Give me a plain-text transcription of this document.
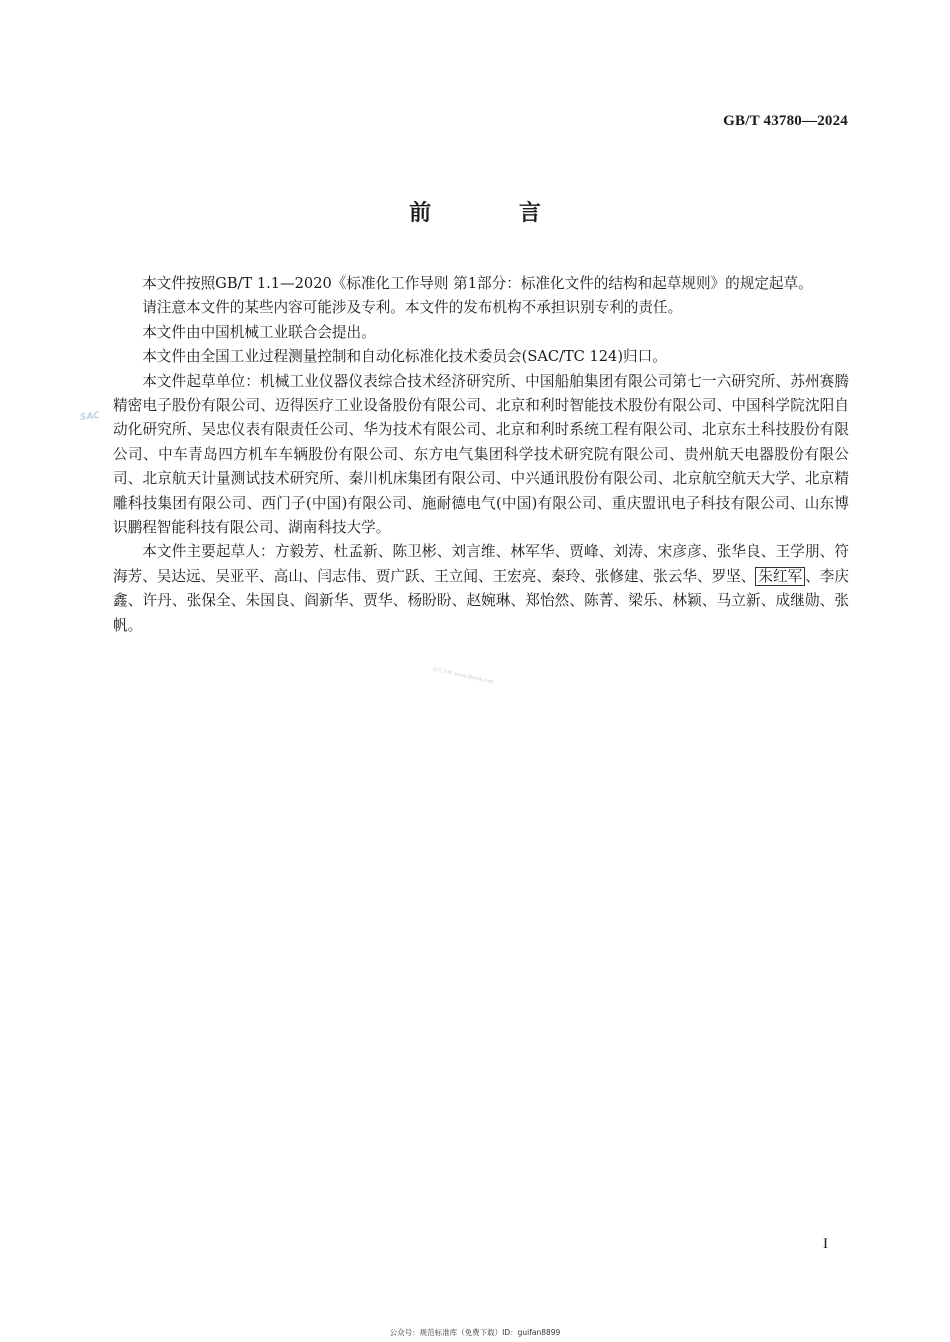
SAC
GB/T 43780—2024
前 言

本文件按照GB/T 1.1—2020《标准化工作导则 第1部分：标准化文件的结构和起草规则》的规定起草。

请注意本文件的某些内容可能涉及专利。本文件的发布机构不承担识别专利的责任。

本文件由中国机械工业联合会提出。

本文件由全国工业过程测量控制和自动化标准化技术委员会(SAC/TC 124)归口。

本文件起草单位：机械工业仪器仪表综合技术经济研究所、中国船舶集团有限公司第七一六研究所、苏州赛腾精密电子股份有限公司、迈得医疗工业设备股份有限公司、北京和利时智能技术股份有限公司、中国科学院沈阳自动化研究所、吴忠仪表有限责任公司、华为技术有限公司、北京和利时系统工程有限公司、北京东土科技股份有限公司、中车青岛四方机车车辆股份有限公司、东方电气集团科学技术研究院有限公司、贵州航天电器股份有限公司、北京航天计量测试技术研究所、秦川机床集团有限公司、中兴通讯股份有限公司、北京航空航天大学、北京精雕科技集团有限公司、西门子(中国)有限公司、施耐德电气(中国)有限公司、重庆盟讯电子科技有限公司、山东博识鹏程智能科技有限公司、湖南科技大学。

本文件主要起草人：方毅芳、杜孟新、陈卫彬、刘言维、林军华、贾峰、刘涛、宋彦彦、张华良、王学朋、符海芳、吴达远、吴亚平、高山、闫志伟、贾广跃、王立闻、王宏亮、秦玲、张修建、张云华、罗坚、 朱红军 、李庆鑫、许丹、张保全、朱国良、阎新华、贾华、杨盼盼、赵婉琳、郑怡然、陈菁、梁乐、林颖、马立新、成继勋、张帆。

东方文库 www.dfwzk.com
I
公众号：规范标准库（免费下载）ID：guifan8899
